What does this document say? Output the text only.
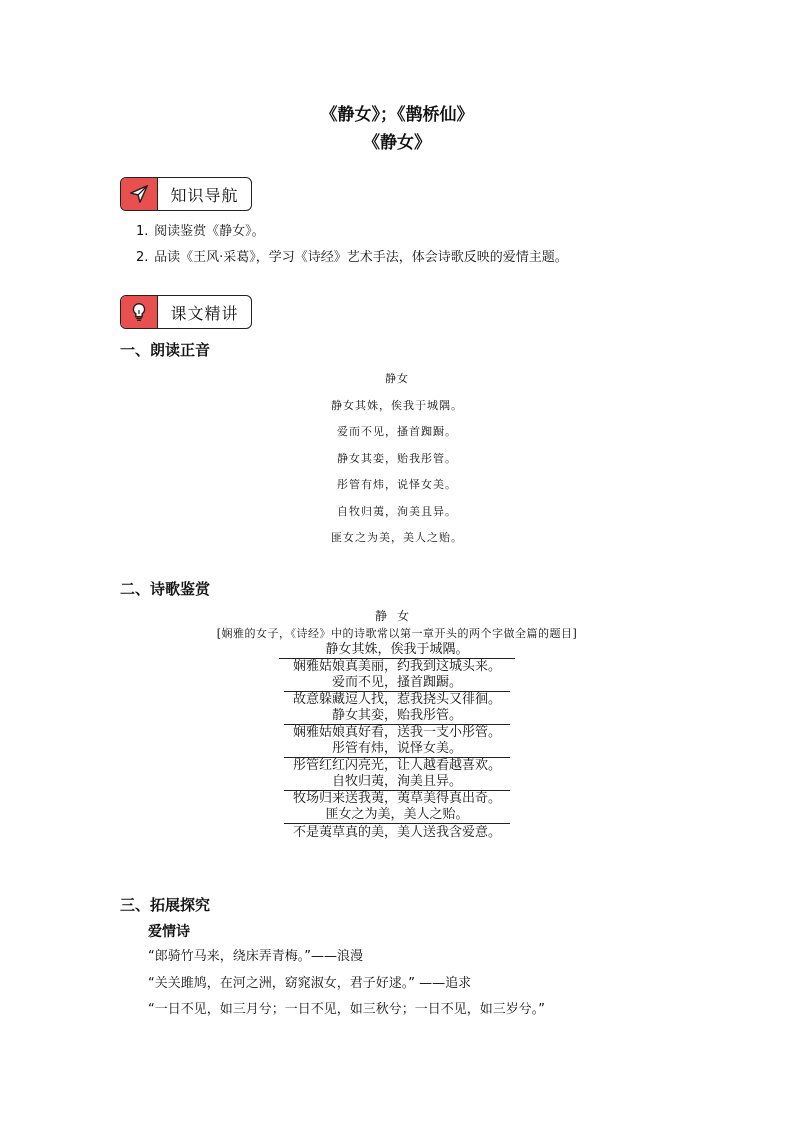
《静女》；《鹊桥仙》
《静女》
知识导航
1. 阅读鉴赏《静女》。
2. 品读《王风·采葛》，学习《诗经》艺术手法，体会诗歌反映的爱情主题。
课文精讲
一、朗读正音
静女
静女其姝，俟我于城隅。
爱而不见，搔首踟蹰。
静女其娈，贻我彤管。
彤管有炜，说怿女美。
自牧归荑，洵美且异。
匪女之为美，美人之贻。
二、诗歌鉴赏
静女
[娴雅的女子，《诗经》中的诗歌常以第一章开头的两个字做全篇的题目]
静女其姝，俟我于城隅。
娴雅姑娘真美丽，约我到这城头来。
爱而不见，搔首踟蹰。
故意躲藏逗人找，惹我挠头又徘徊。
静女其娈，贻我彤管。
娴雅姑娘真好看，送我一支小彤管。
彤管有炜，说怿女美。
彤管红红闪亮光，让人越看越喜欢。
自牧归荑，洵美且异。
牧场归来送我荑，荑草美得真出奇。
匪女之为美，美人之贻。
不是荑草真的美，美人送我含爱意。
三、拓展探究
爱情诗
“郎骑竹马来，绕床弄青梅。”——浪漫
“关关雎鸠，在河之洲，窈窕淑女，君子好逑。” ——追求
“一日不见，如三月兮；一日不见，如三秋兮；一日不见，如三岁兮。”
